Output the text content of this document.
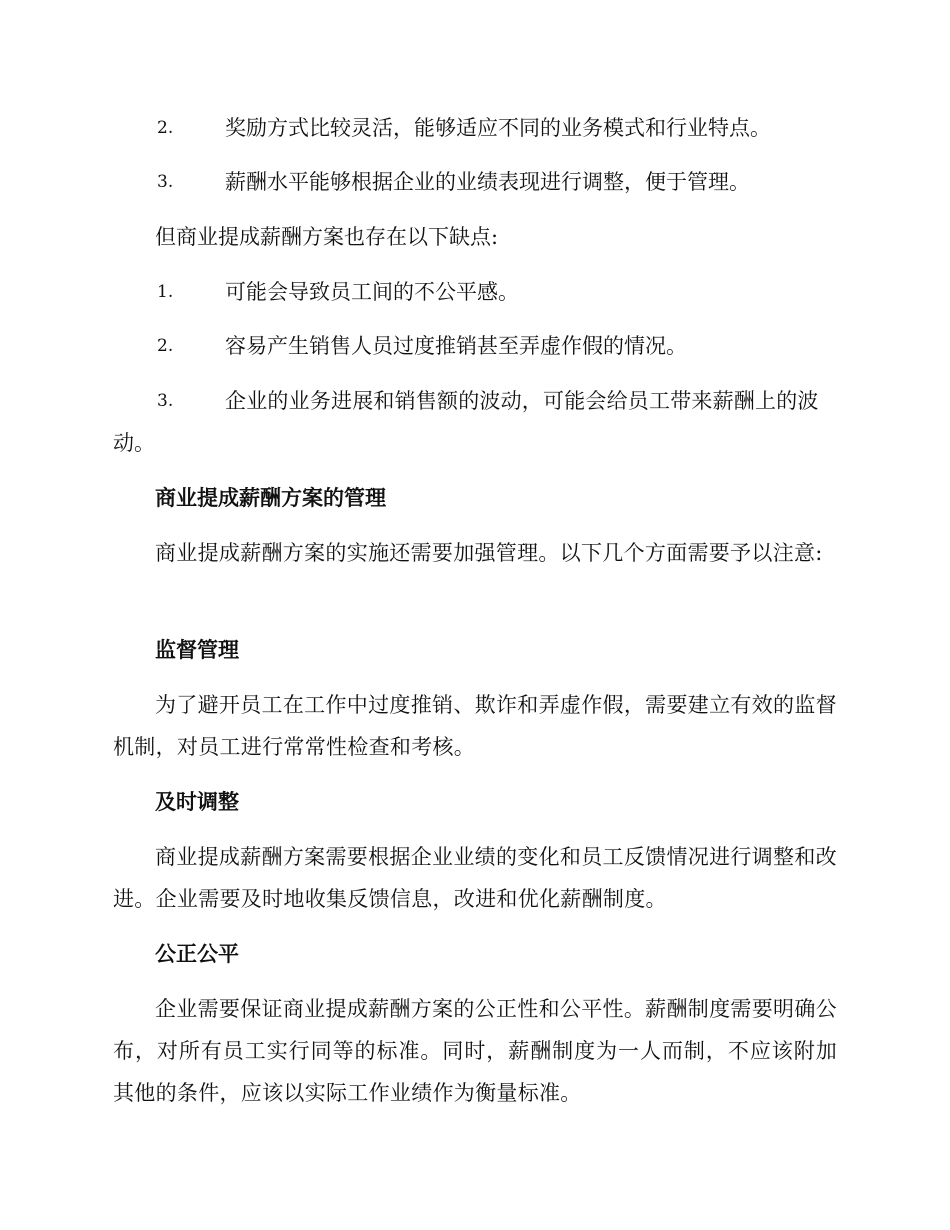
2. 奖励方式比较灵活，能够适应不同的业务模式和行业特点。
3. 薪酬水平能够根据企业的业绩表现进行调整，便于管理。
但商业提成薪酬方案也存在以下缺点:
1. 可能会导致员工间的不公平感。
2. 容易产生销售人员过度推销甚至弄虚作假的情况。
3. 企业的业务进展和销售额的波动，可能会给员工带来薪酬上的波
动。
商业提成薪酬方案的管理
商业提成薪酬方案的实施还需要加强管理。以下几个方面需要予以注意:
监督管理
为了避开员工在工作中过度推销、欺诈和弄虚作假，需要建立有效的监督机制，对员工进行常常性检查和考核。
及时调整
商业提成薪酬方案需要根据企业业绩的变化和员工反馈情况进行调整和改进。企业需要及时地收集反馈信息，改进和优化薪酬制度。
公正公平
企业需要保证商业提成薪酬方案的公正性和公平性。薪酬制度需要明确公布，对所有员工实行同等的标准。同时，薪酬制度为一人而制，不应该附加其他的条件，应该以实际工作业绩作为衡量标准。
